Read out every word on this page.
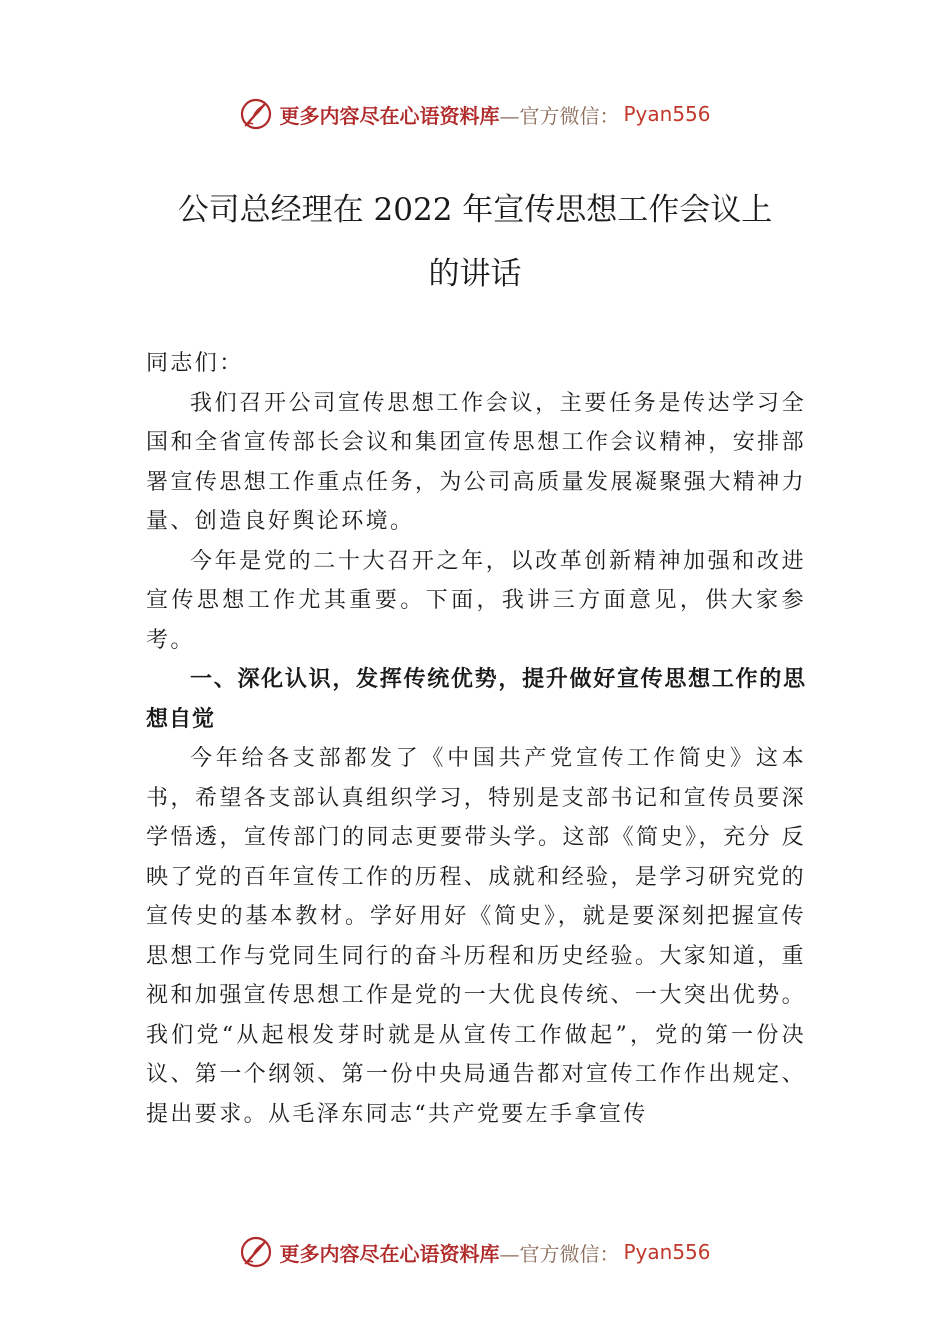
更多内容尽在心语资料库 —官方微信： Pyan556
公司总经理在 2022 年宣传思想工作会议上
的讲话

同志们：

我们召开公司宣传思想工作会议，主要任务是传达学习全国和全省宣传部长会议和集团宣传思想工作会议精神，安排部署宣传思想工作重点任务，为公司高质量发展凝聚强大精神力量、创造良好舆论环境。

今年是党的二十大召开之年，以改革创新精神加强和改进宣传思想工作尤其重要。下面，我讲三方面意见，供大家参考。

一、深化认识，发挥传统优势，提升做好宣传思想工作的思想自觉

今年给各支部都发了《中国共产党宣传工作简史》这本书，希望各支部认真组织学习，特别是支部书记和宣传员要深学悟透，宣传部门的同志更要带头学。这部《简史》，充分 反映了党的百年宣传工作的历程、成就和经验，是学习研究党的宣传史的基本教材。学好用好《简史》，就是要深刻把握宣传思想工作与党同生同行的奋斗历程和历史经验。大家知道，重视和加强宣传思想工作是党的一大优良传统、一大突出优势。我们党“从起根发芽时就是从宣传工作做起”，党的第一份决议、第一个纲领、第一份中央局通告都对宣传工作作出规定、提出要求。从毛泽东同志“共产党要左手拿宣传

更多内容尽在心语资料库 —官方微信： Pyan556
